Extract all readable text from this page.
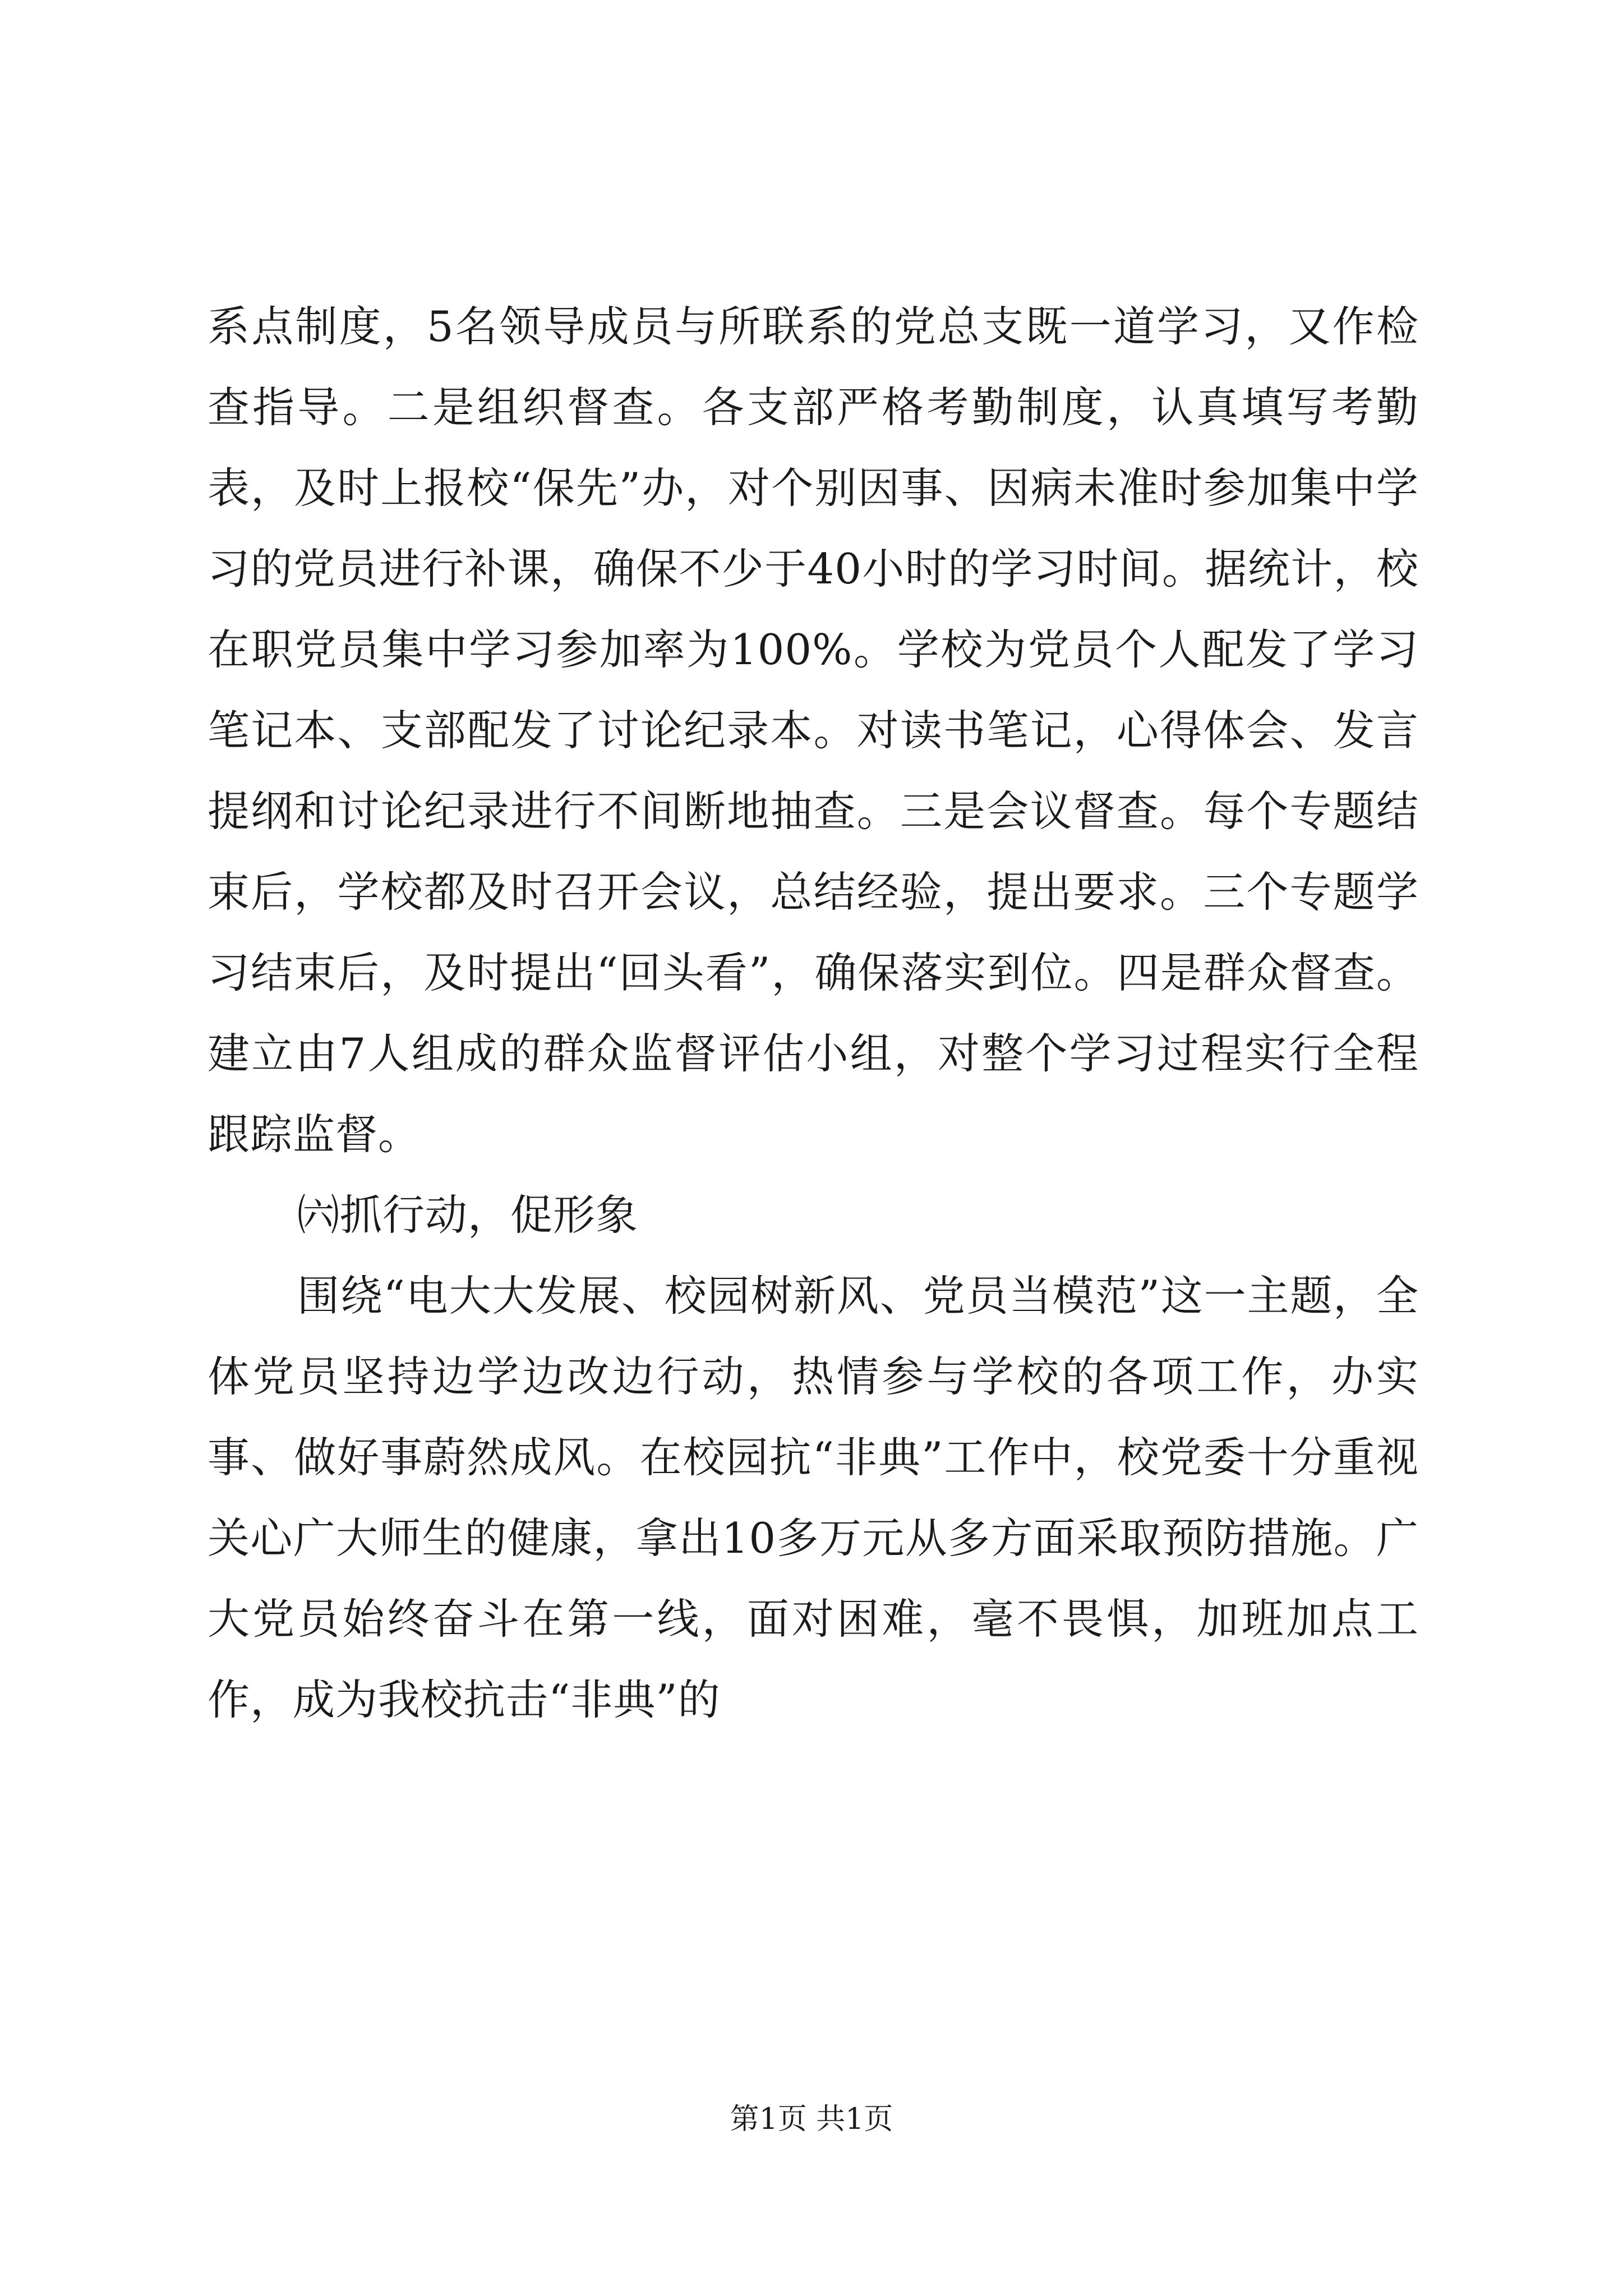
系点制度，5名领导成员与所联系的党总支既一道学习，又作检查指导。二是组织督查。各支部严格考勤制度，认真填写考勤表，及时上报校“保先”办，对个别因事、因病未准时参加集中学习的党员进行补课，确保不少于40小时的学习时间。据统计，校在职党员集中学习参加率为100%。学校为党员个人配发了学习笔记本、支部配发了讨论纪录本。对读书笔记，心得体会、发言提纲和讨论纪录进行不间断地抽查。三是会议督查。每个专题结束后，学校都及时召开会议，总结经验，提出要求。三个专题学习结束后，及时提出“回头看”，确保落实到位。四是群众督查。建立由7人组成的群众监督评估小组，对整个学习过程实行全程跟踪监督。

㈥抓行动，促形象

围绕“电大大发展、校园树新风、党员当模范”这一主题，全体党员坚持边学边改边行动，热情参与学校的各项工作，办实事、做好事蔚然成风。在校园抗“非典”工作中，校党委十分重视关心广大师生的健康，拿出10多万元从多方面采取预防措施。广大党员始终奋斗在第一线，面对困难，毫不畏惧，加班加点工作，成为我校抗击“非典”的

第1页 共1页
